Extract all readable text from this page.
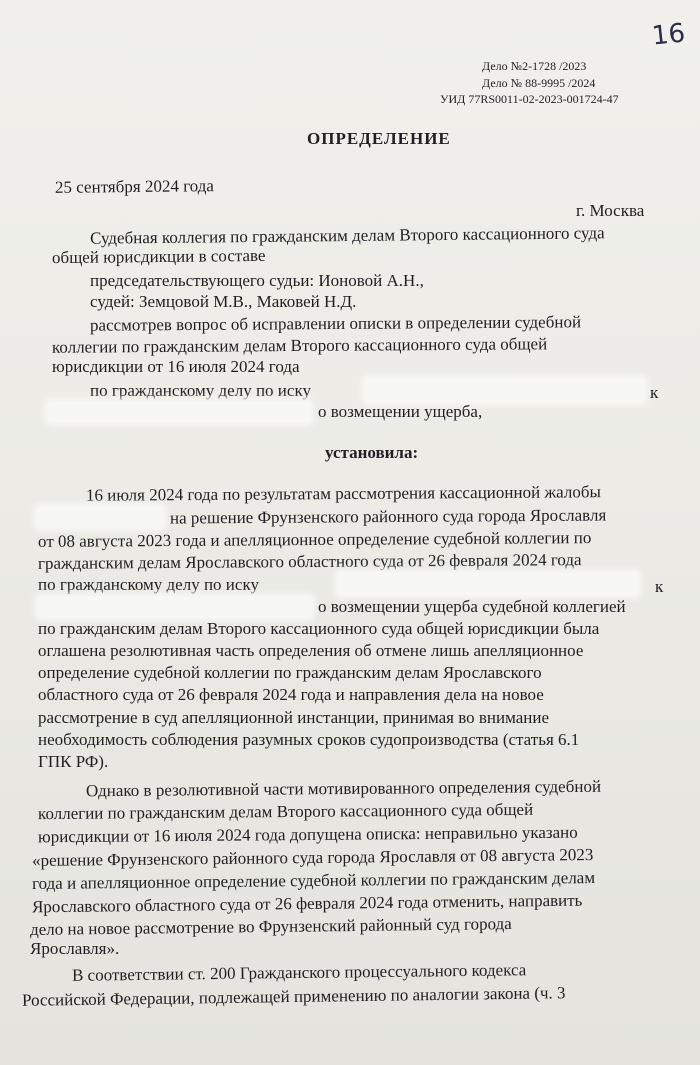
16
Дело №2-1728 /2023
Дело № 88-9995 /2024
УИД 77RS0011-02-2023-001724-47
ОПРЕДЕЛЕНИЕ
25 сентября 2024 года
г. Москва
Судебная коллегия по гражданским делам Второго кассационного суда
общей юрисдикции в составе
председательствующего судьи: Ионовой А.Н.,
судей: Земцовой М.В., Маковей Н.Д.
рассмотрев вопрос об исправлении описки в определении судебной
коллегии по гражданским делам Второго кассационного суда общей
юрисдикции от 16 июля 2024 года
по гражданскому делу по иску	к
о возмещении ущерба,
установила:
16 июля 2024 года по результатам рассмотрения кассационной жалобы
на решение Фрунзенского районного суда города Ярославля
от 08 августа 2023 года и апелляционное определение судебной коллегии по
гражданским делам Ярославского областного суда от 26 февраля 2024 года
по гражданскому делу по иску	к
о возмещении ущерба судебной коллегией
по гражданским делам Второго кассационного суда общей юрисдикции была
оглашена резолютивная часть определения об отмене лишь апелляционное
определение судебной коллегии по гражданским делам Ярославского
областного суда от 26 февраля 2024 года и направления дела на новое
рассмотрение в суд апелляционной инстанции, принимая во внимание
необходимость соблюдения разумных сроков судопроизводства (статья 6.1
ГПК РФ).
Однако в резолютивной части мотивированного определения судебной
коллегии по гражданским делам Второго кассационного суда общей
юрисдикции от 16 июля 2024 года допущена описка: неправильно указано
«решение Фрунзенского районного суда города Ярославля от 08 августа 2023
года и апелляционное определение судебной коллегии по гражданским делам
Ярославского областного суда от 26 февраля 2024 года отменить, направить
дело на новое рассмотрение во Фрунзенский районный суд города
Ярославля».
В соответствии ст. 200 Гражданского процессуального кодекса
Российской Федерации, подлежащей применению по аналогии закона (ч. 3
